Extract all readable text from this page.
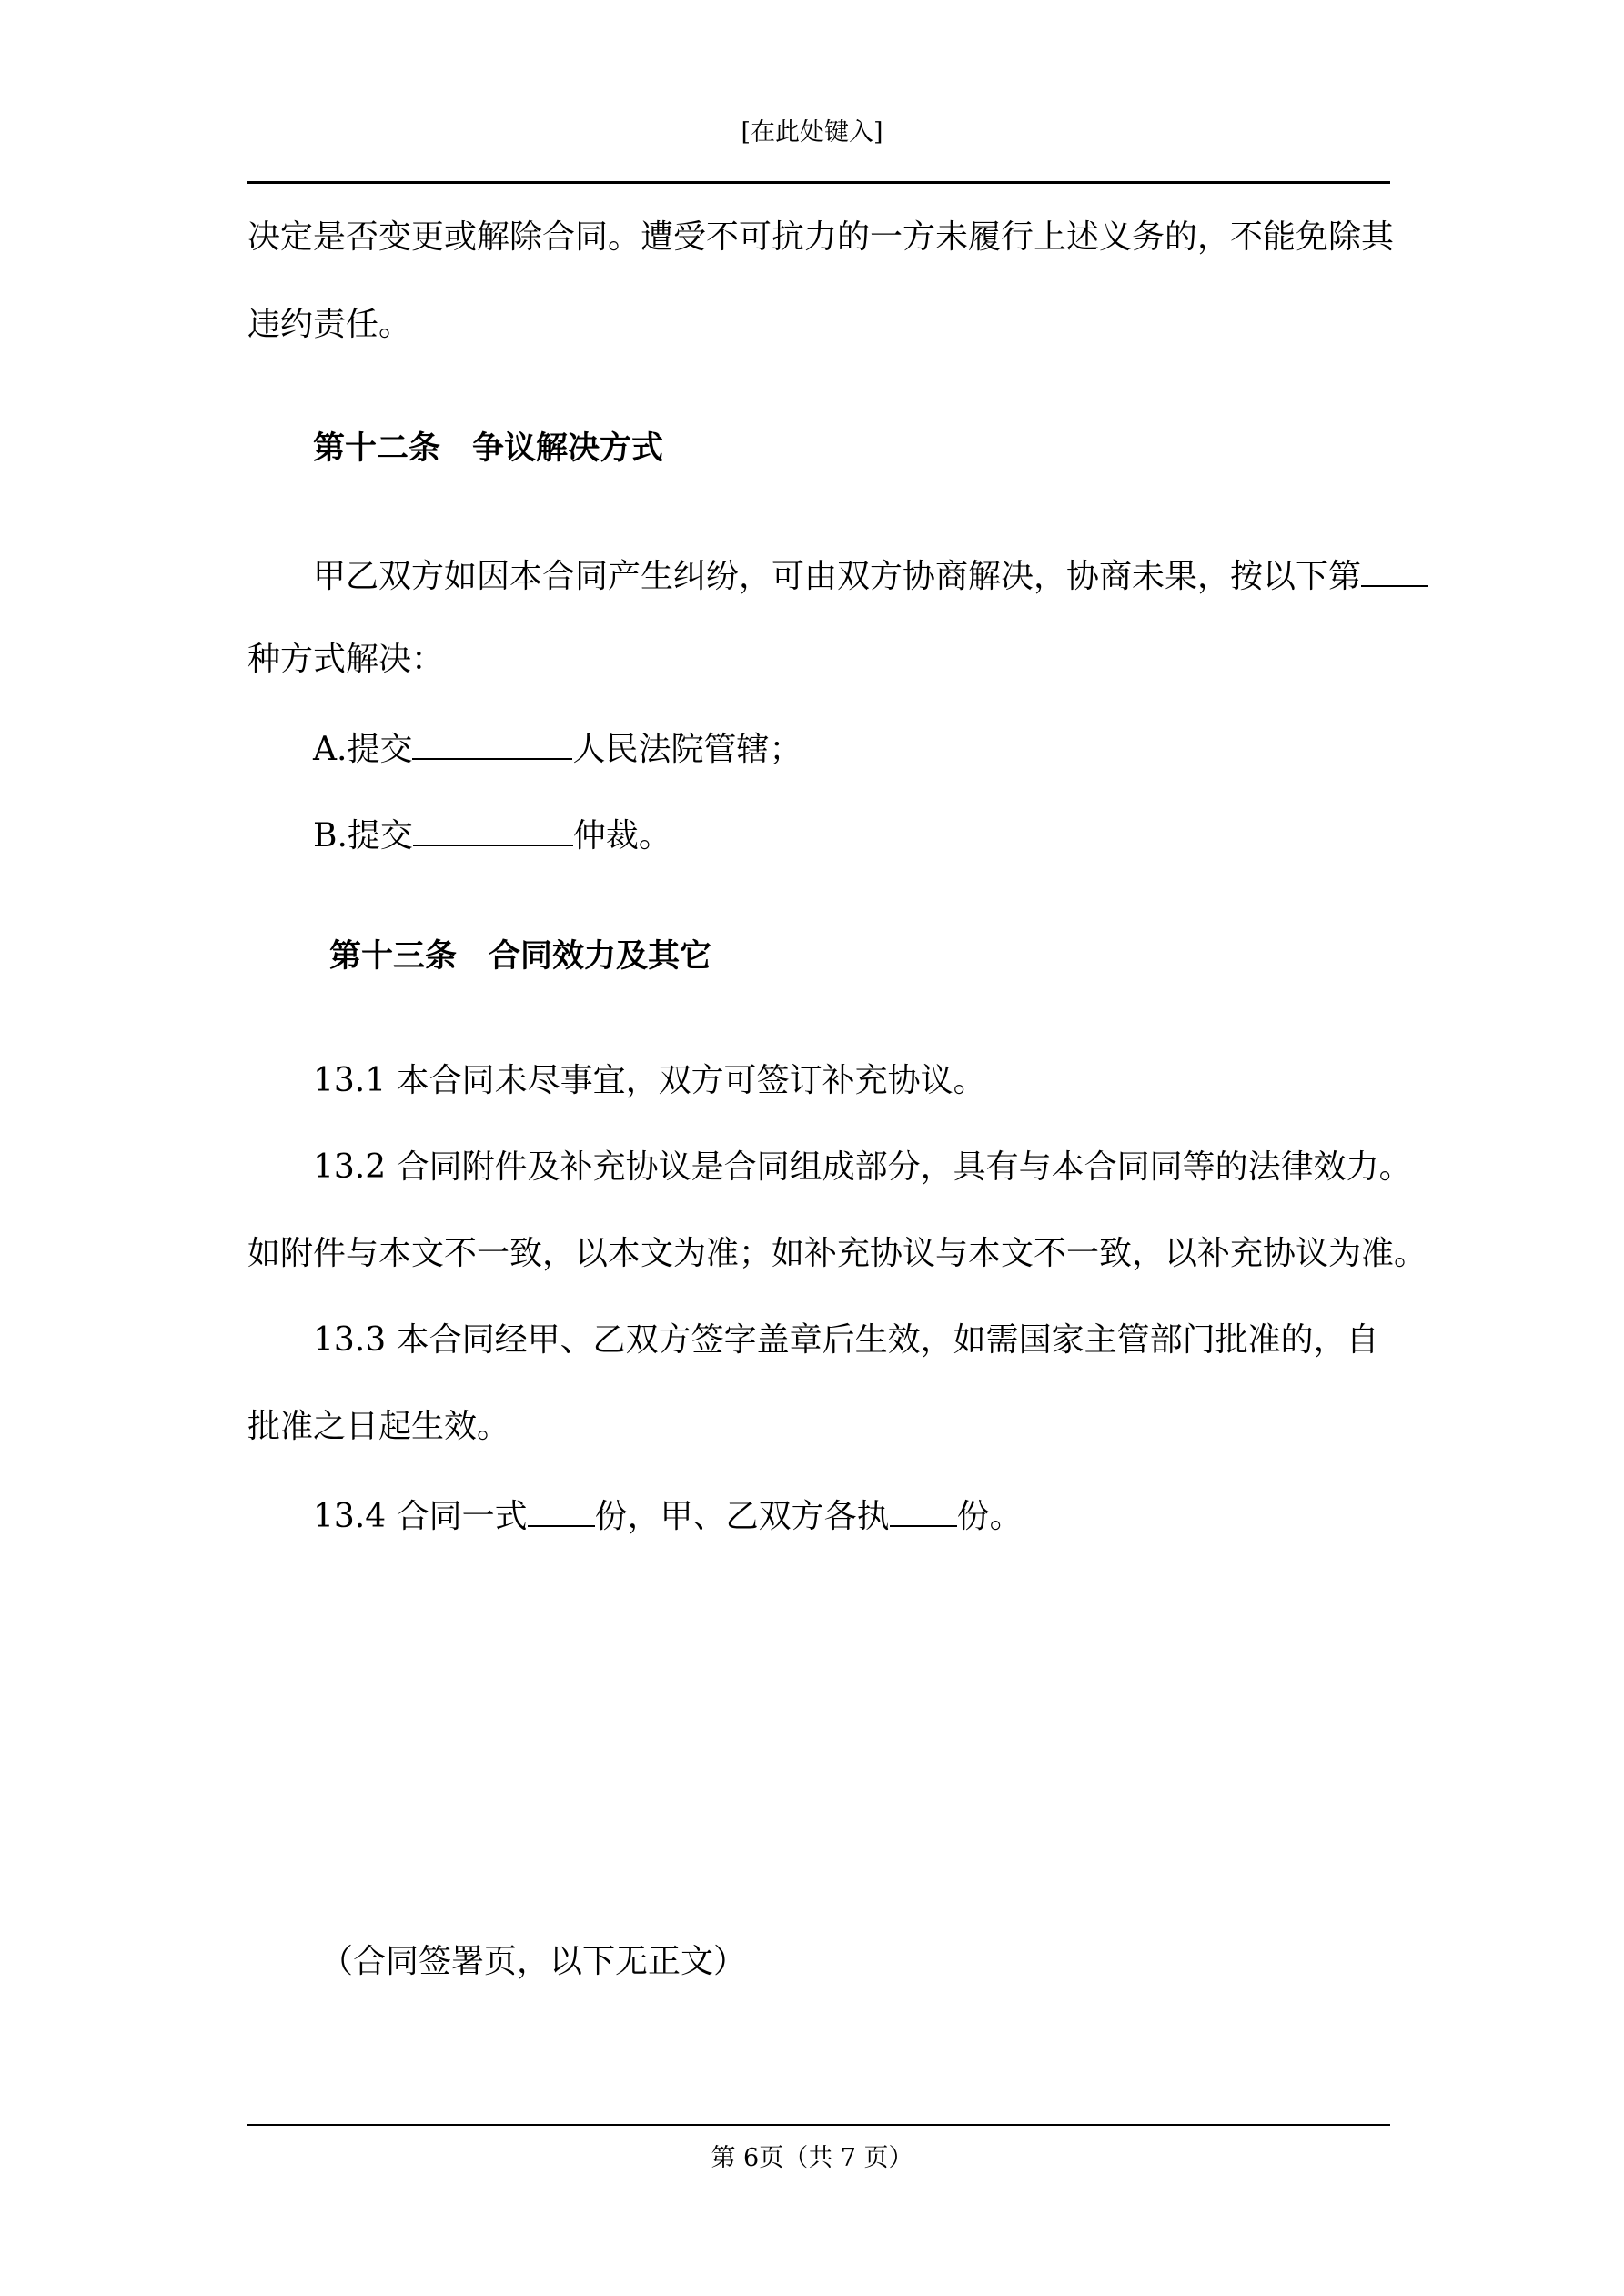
[在此处键入]
决定是否变更或解除合同。遭受不可抗力的一方未履行上述义务的，不能免除其
违约责任。
第十二条　争议解决方式
甲乙双方如因本合同产生纠纷，可由双方协商解决，协商未果，按以下第
种方式解决：
A.提交	人民法院管辖；
B.提交	仲裁。
第十三条　合同效力及其它
13.1 本合同未尽事宜，双方可签订补充协议。
13.2 合同附件及补充协议是合同组成部分，具有与本合同同等的法律效力。
如附件与本文不一致，以本文为准；如补充协议与本文不一致，以补充协议为准。
13.3 本合同经甲、乙双方签字盖章后生效，如需国家主管部门批准的，自
批准之日起生效。
13.4 合同一式 份，甲、乙双方各执 份。
（合同签署页，以下无正文）
第 6页（共 7 页）
